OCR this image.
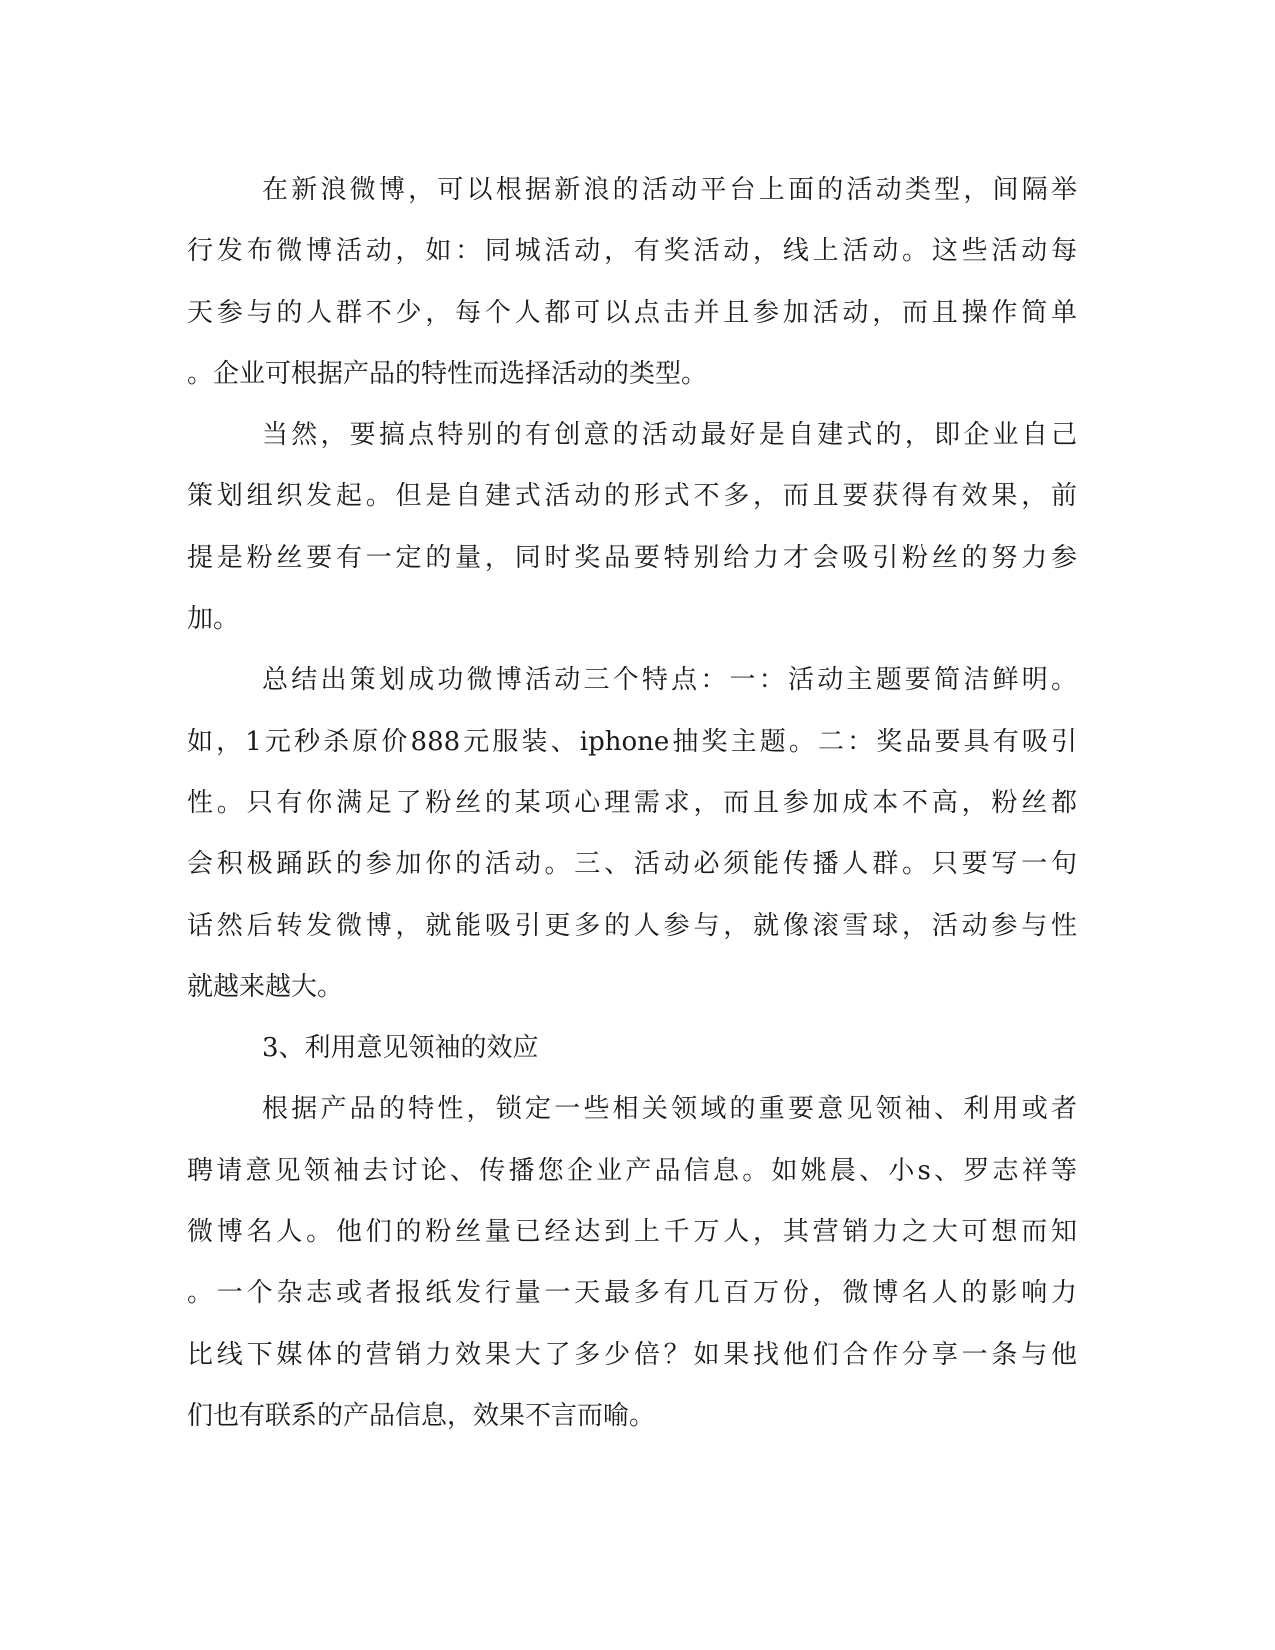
在新浪微博，可以根据新浪的活动平台上面的活动类型，间隔举
行发布微博活动，如：同城活动，有奖活动，线上活动。这些活动每
天参与的人群不少，每个人都可以点击并且参加活动，而且操作简单
。企业可根据产品的特性而选择活动的类型。
当然，要搞点特别的有创意的活动最好是自建式的，即企业自己
策划组织发起。但是自建式活动的形式不多，而且要获得有效果，前
提是粉丝要有一定的量，同时奖品要特别给力才会吸引粉丝的努力参
加。
总结出策划成功微博活动三个特点：一：活动主题要简洁鲜明。
如，1元秒杀原价888元服装、iphone抽奖主题。二：奖品要具有吸引
性。只有你满足了粉丝的某项心理需求，而且参加成本不高，粉丝都
会积极踊跃的参加你的活动。三、活动必须能传播人群。只要写一句
话然后转发微博，就能吸引更多的人参与，就像滚雪球，活动参与性
就越来越大。
3、利用意见领袖的效应
根据产品的特性，锁定一些相关领域的重要意见领袖、利用或者
聘请意见领袖去讨论、传播您企业产品信息。如姚晨、小s、罗志祥等
微博名人。他们的粉丝量已经达到上千万人，其营销力之大可想而知
。一个杂志或者报纸发行量一天最多有几百万份，微博名人的影响力
比线下媒体的营销力效果大了多少倍？如果找他们合作分享一条与他
们也有联系的产品信息，效果不言而喻。
